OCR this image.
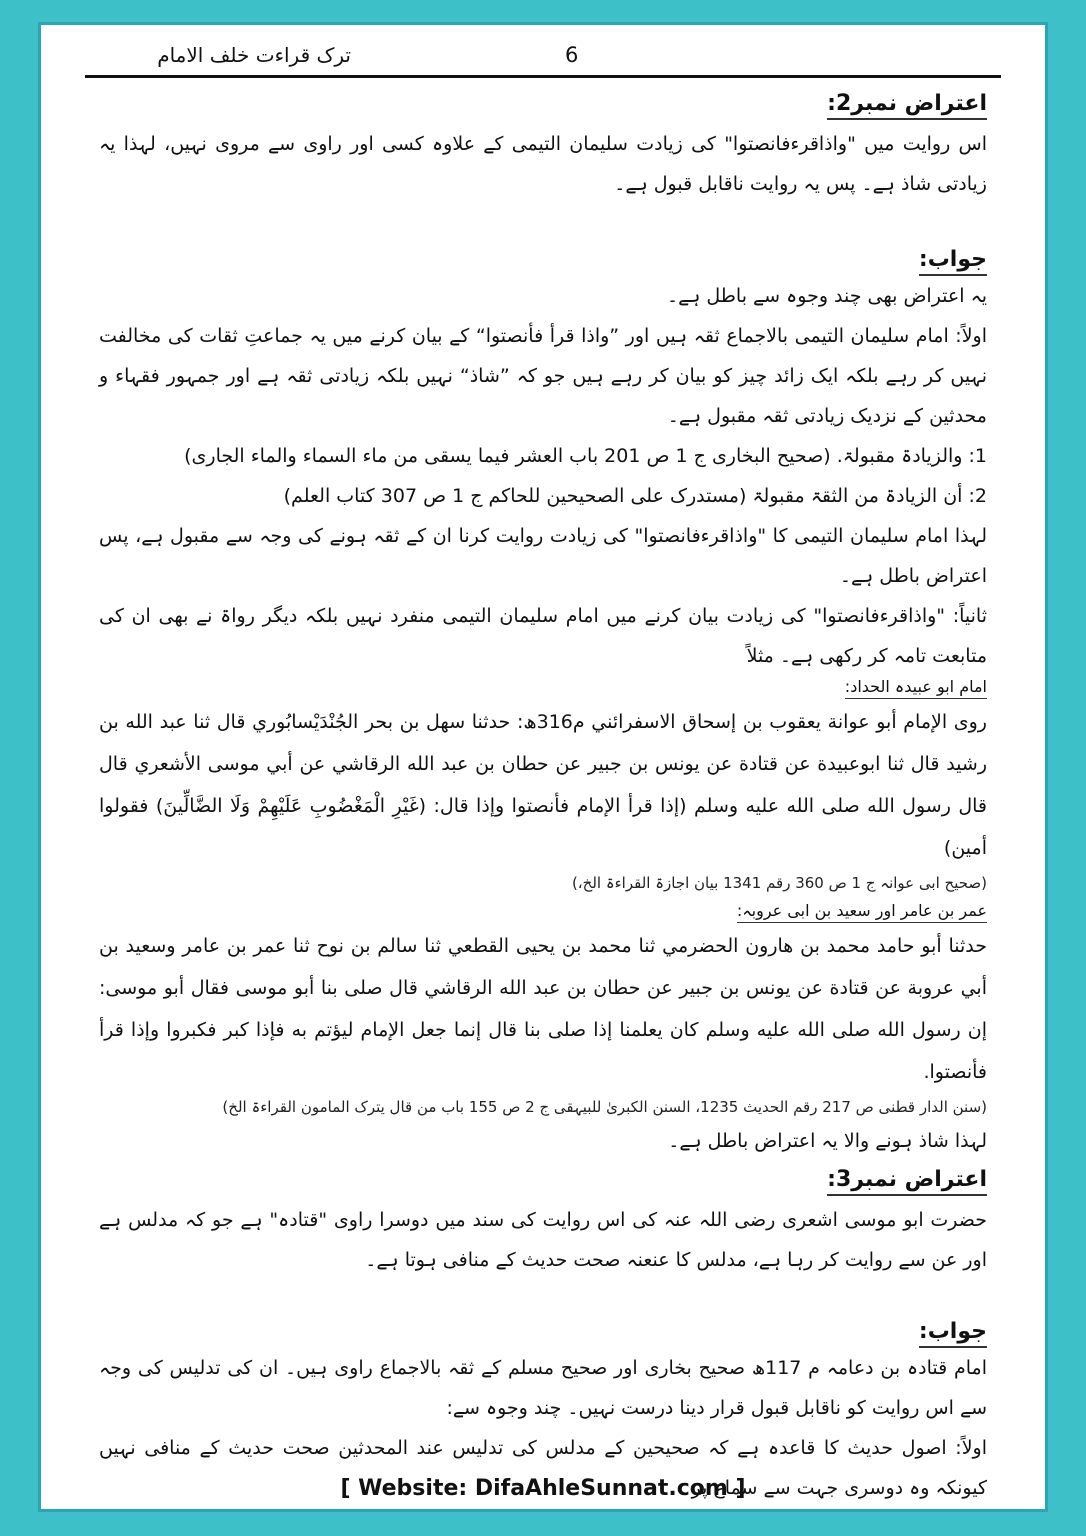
ترک قراءت خلف الامام	6
اعتراض نمبر2:
اس روایت میں "واذاقرءفانصتوا" کی زیادت سلیمان التیمی کے علاوہ کسی اور راوی سے مروی نہیں، لہذا یہ زیادتی شاذ ہے۔ پس یہ روایت ناقابل قبول ہے۔
جواب:
یہ اعتراض بھی چند وجوہ سے باطل ہے۔
اولاً: امام سلیمان التیمی بالاجماع ثقہ ہیں اور ”واذا قرأ فأنصتوا“ کے بیان کرنے میں یہ جماعتِ ثقات کی مخالفت نہیں کر رہے بلکہ ایک زائد چیز کو بیان کر رہے ہیں جو کہ ”شاذ“ نہیں بلکہ زیادتی ثقہ ہے اور جمہور فقہاء و محدثین کے نزدیک زیادتی ثقہ مقبول ہے۔
1: والزیادۃ مقبولۃ. (صحیح البخاری ج 1 ص 201 باب العشر فیما یسقی من ماء السماء والماء الجاری)
2: أن الزیادۃ من الثقۃ مقبولۃ (مستدرک علی الصحیحین للحاکم ج 1 ص 307 کتاب العلم)
لہذا امام سلیمان التیمی کا "واذاقرءفانصتوا" کی زیادت روایت کرنا ان کے ثقہ ہونے کی وجہ سے مقبول ہے، پس اعتراض باطل ہے۔
ثانیاً: "واذاقرءفانصتوا" کی زیادت بیان کرنے میں امام سلیمان التیمی منفرد نہیں بلکہ دیگر رواۃ نے بھی ان کی متابعت تامہ کر رکھی ہے۔ مثلاً
امام ابو عبیدہ الحداد:
روى الإمام أبو عوانة يعقوب بن إسحاق الاسفرائني م316ھ: حدثنا سهل بن بحر الجُنْدَيْسابُوري قال ثنا عبد الله بن رشيد قال ثنا ابوعبيدة عن قتادة عن يونس بن جبير عن حطان بن عبد الله الرقاشي عن أبي موسى الأشعري قال قال رسول الله صلى الله عليه وسلم (إذا قرأ الإمام فأنصتوا وإذا قال: (غَيْرِ الْمَغْضُوبِ عَلَيْهِمْ وَلَا الضَّالِّينَ) فقولوا أمين)
(صحیح ابی عوانہ ج 1 ص 360 رقم 1341 بیان اجازۃ القراءۃ الخ،)
عمر بن عامر اور سعید بن ابی عروبہ:
حدثنا أبو حامد محمد بن هارون الحضرمي ثنا محمد بن يحيى القطعي ثنا سالم بن نوح ثنا عمر بن عامر وسعيد بن أبي عروبة عن قتادة عن يونس بن جبير عن حطان بن عبد الله الرقاشي قال صلى بنا أبو موسى فقال أبو موسى: إن رسول الله صلى الله عليه وسلم كان يعلمنا إذا صلى بنا قال إنما جعل الإمام ليؤتم به فإذا كبر فكبروا وإذا قرأ فأنصتوا.
(سنن الدار قطنی ص 217 رقم الحدیث 1235، السنن الکبریٰ للبیہقی ج 2 ص 155 باب من قال یترک المامون القراءۃ الخ)
لہذا شاذ ہونے والا یہ اعتراض باطل ہے۔
اعتراض نمبر3:
حضرت ابو موسی اشعری رضی اللہ عنہ کی اس روایت کی سند میں دوسرا راوی "قتادہ" ہے جو کہ مدلس ہے اور عن سے روایت کر رہا ہے، مدلس کا عنعنہ صحت حدیث کے منافی ہوتا ہے۔
جواب:
امام قتادہ بن دعامہ م 117ھ صحیح بخاری اور صحیح مسلم کے ثقہ بالاجماع راوی ہیں۔ ان کی تدلیس کی وجہ سے اس روایت کو ناقابل قبول قرار دینا درست نہیں۔ چند وجوہ سے:
اولاً: اصول حدیث کا قاعدہ ہے کہ صحیحین کے مدلس کی تدلیس عند المحدثین صحت حدیث کے منافی نہیں کیونکہ وہ دوسری جہت سے سماع پر
[ Website: DifaAhleSunnat.com ]
